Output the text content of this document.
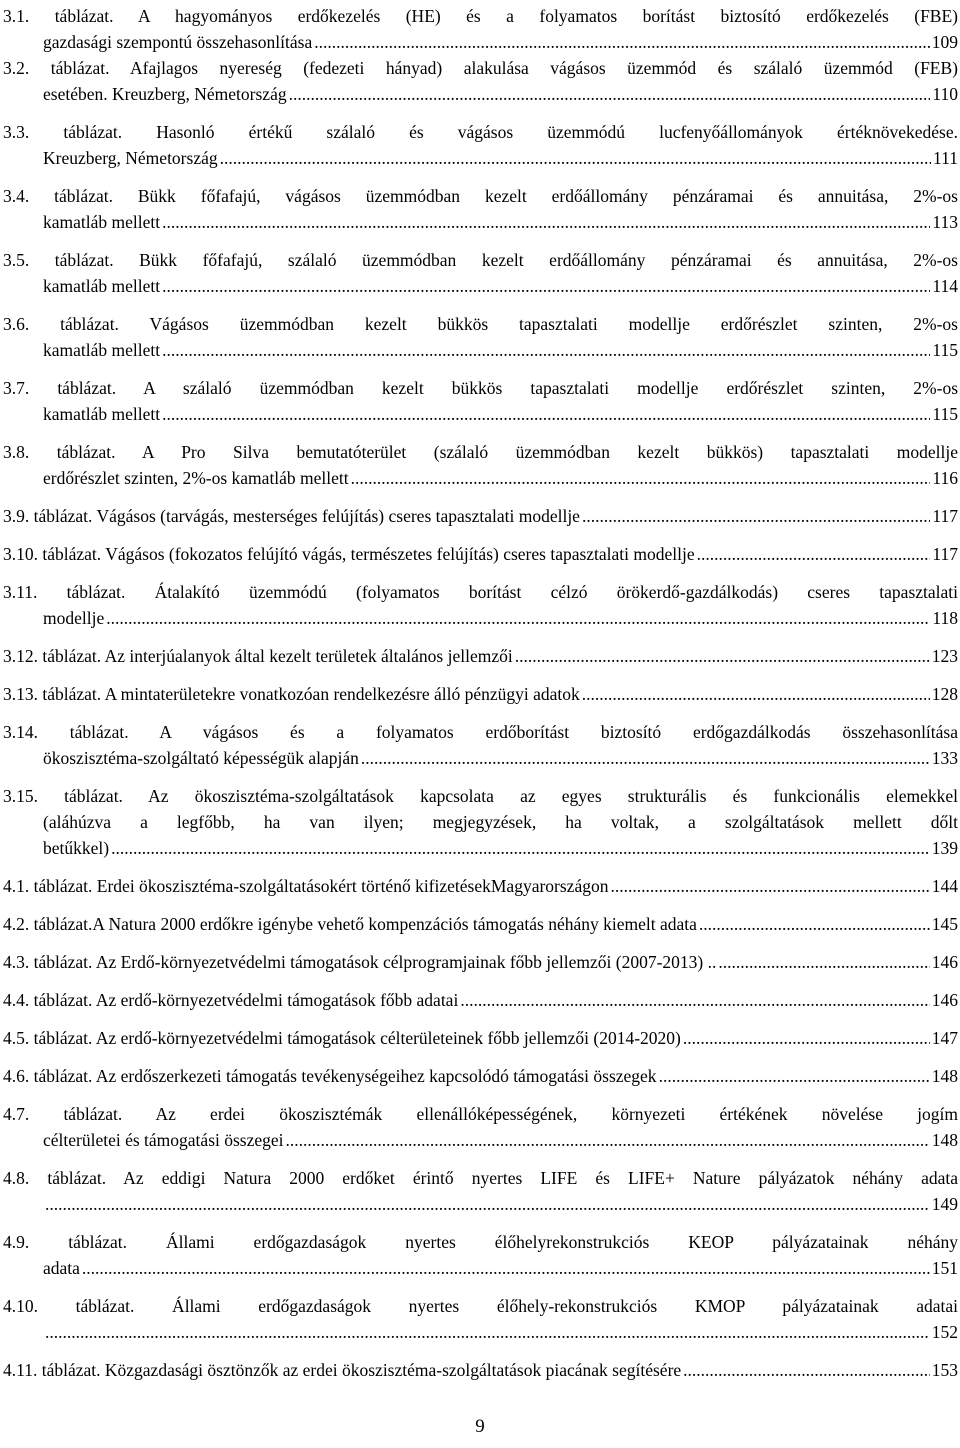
3.1. táblázat. A hagyományos erdőkezelés (HE) és a folyamatos borítást biztosító erdőkezelés (FBE)
gazdasági szempontú összehasonlítása .....	109
3.2. táblázat. Afajlagos nyereség (fedezeti hányad) alakulása vágásos üzemmód és szálaló üzemmód (FEB)
esetében. Kreuzberg, Németország .....	110
3.3. táblázat. Hasonló értékű szálaló és vágásos üzemmódú lucfenyőállományok értéknövekedése.
Kreuzberg, Németország .....	111
3.4. táblázat. Bükk főfafajú, vágásos üzemmódban kezelt erdőállomány pénzáramai és annuitása, 2%-os
kamatláb mellett .....	113
3.5. táblázat. Bükk főfafajú, szálaló üzemmódban kezelt erdőállomány pénzáramai és annuitása, 2%-os
kamatláb mellett .....	114
3.6. táblázat. Vágásos üzemmódban kezelt bükkös tapasztalati modellje erdőrészlet szinten, 2%-os
kamatláb mellett .....	115
3.7. táblázat. A szálaló üzemmódban kezelt bükkös tapasztalati modellje erdőrészlet szinten, 2%-os
kamatláb mellett .....	115
3.8. táblázat. A Pro Silva bemutatóterület (szálaló üzemmódban kezelt bükkös) tapasztalati modellje
erdőrészlet szinten, 2%-os kamatláb mellett .....	116
3.9. táblázat. Vágásos (tarvágás, mesterséges felújítás) cseres tapasztalati modellje .....	117
3.10. táblázat. Vágásos (fokozatos felújító vágás, természetes felújítás) cseres tapasztalati modellje .....	117
3.11. táblázat. Átalakító üzemmódú (folyamatos borítást célzó örökerdő-gazdálkodás) cseres tapasztalati
modellje .....	118
3.12. táblázat. Az interjúalanyok által kezelt területek általános jellemzői .....	123
3.13. táblázat. A mintaterületekre vonatkozóan rendelkezésre álló pénzügyi adatok .....	128
3.14. táblázat. A vágásos és a folyamatos erdőborítást biztosító erdőgazdálkodás összehasonlítása
ökoszisztéma-szolgáltató képességük alapján .....	133
3.15. táblázat. Az ökoszisztéma-szolgáltatások kapcsolata az egyes strukturális és funkcionális elemekkel
(aláhúzva a legfőbb, ha van ilyen; megjegyzések, ha voltak, a szolgáltatások mellett dőlt
betűkkel) .....	139
4.1. táblázat. Erdei ökoszisztéma-szolgáltatásokért történő kifizetésekMagyarországon .....	144
4.2. táblázat.A Natura 2000 erdőkre igénybe vehető kompenzációs támogatás néhány kiemelt adata .....	145
4.3. táblázat. Az Erdő-környezetvédelmi támogatások célprogramjainak főbb jellemzői (2007-2013) .. .....	146
4.4. táblázat. Az erdő-környezetvédelmi támogatások főbb adatai .....	146
4.5. táblázat. Az erdő-környezetvédelmi támogatások célterületeinek főbb jellemzői (2014-2020) .....	147
4.6. táblázat. Az erdőszerkezeti támogatás tevékenységeihez kapcsolódó támogatási összegek .....	148
4.7. táblázat. Az erdei ökoszisztémák ellenállóképességének, környezeti értékének növelése jogím
célterületei és támogatási összegei .....	148
4.8. táblázat. Az eddigi Natura 2000 erdőket érintő nyertes LIFE és LIFE+ Nature pályázatok néhány adata
.....
149
4.9. táblázat. Állami erdőgazdaságok nyertes élőhelyrekonstrukciós KEOP pályázatainak néhány
adata .....	151
4.10. táblázat. Állami erdőgazdaságok nyertes élőhely-rekonstrukciós KMOP pályázatainak adatai
.....
152
4.11. táblázat. Közgazdasági ösztönzők az erdei ökoszisztéma-szolgáltatások piacának segítésére .....	153
9
